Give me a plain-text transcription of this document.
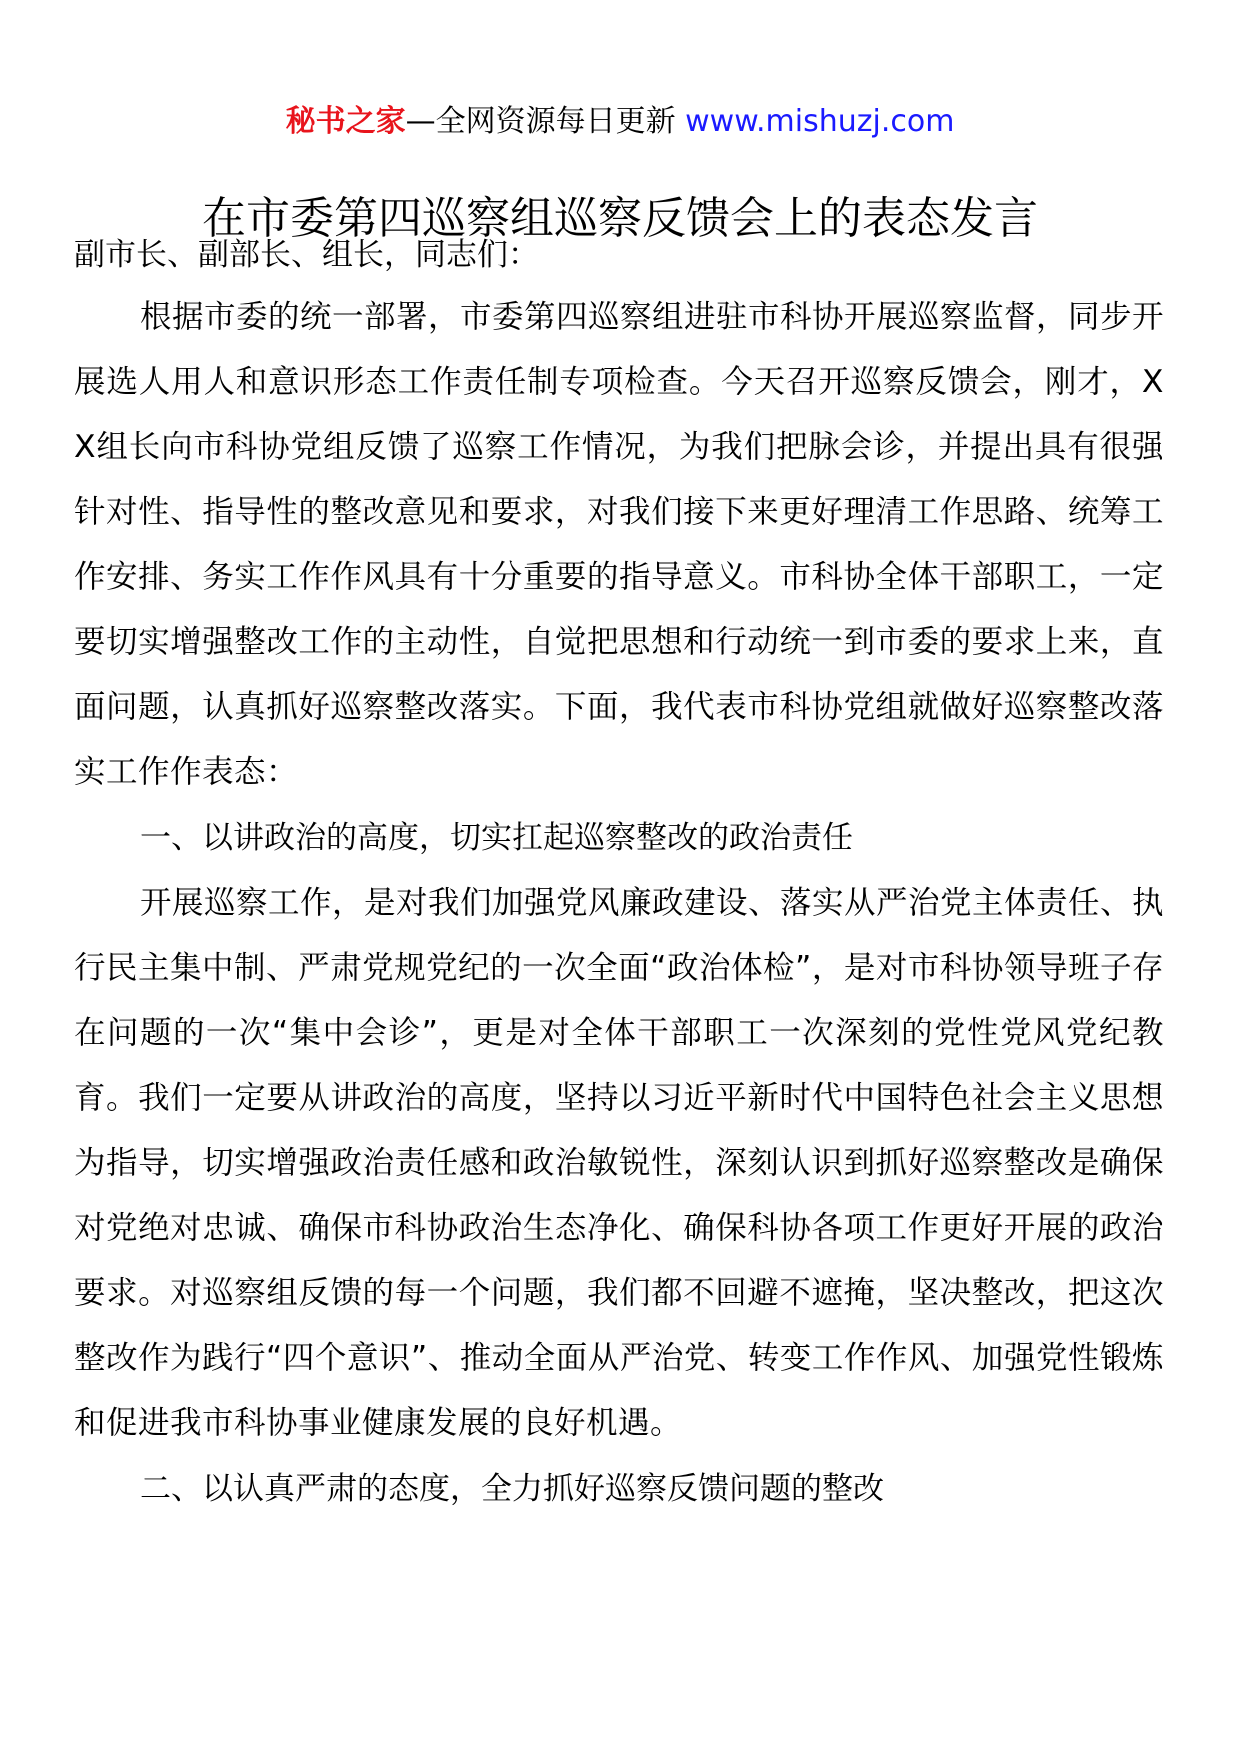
秘书之家—全网资源每日更新 www.mishuzj.com
在市委第四巡察组巡察反馈会上的表态发言

副市长、副部长、组长，同志们：

根据市委的统一部署，市委第四巡察组进驻市科协开展巡察监督，同步开展选人用人和意识形态工作责任制专项检查。今天召开巡察反馈会，刚才，XX组长向市科协党组反馈了巡察工作情况，为我们把脉会诊，并提出具有很强针对性、指导性的整改意见和要求，对我们接下来更好理清工作思路、统筹工作安排、务实工作作风具有十分重要的指导意义。市科协全体干部职工，一定要切实增强整改工作的主动性，自觉把思想和行动统一到市委的要求上来，直面问题，认真抓好巡察整改落实。下面，我代表市科协党组就做好巡察整改落实工作作表态：

一、以讲政治的高度，切实扛起巡察整改的政治责任

开展巡察工作，是对我们加强党风廉政建设、落实从严治党主体责任、执行民主集中制、严肃党规党纪的一次全面“政治体检”，是对市科协领导班子存在问题的一次“集中会诊”，更是对全体干部职工一次深刻的党性党风党纪教育。我们一定要从讲政治的高度，坚持以习近平新时代中国特色社会主义思想为指导，切实增强政治责任感和政治敏锐性，深刻认识到抓好巡察整改是确保对党绝对忠诚、确保市科协政治生态净化、确保科协各项工作更好开展的政治要求。对巡察组反馈的每一个问题，我们都不回避不遮掩，坚决整改，把这次整改作为践行“四个意识”、推动全面从严治党、转变工作作风、加强党性锻炼和促进我市科协事业健康发展的良好机遇。

二、以认真严肃的态度，全力抓好巡察反馈问题的整改
